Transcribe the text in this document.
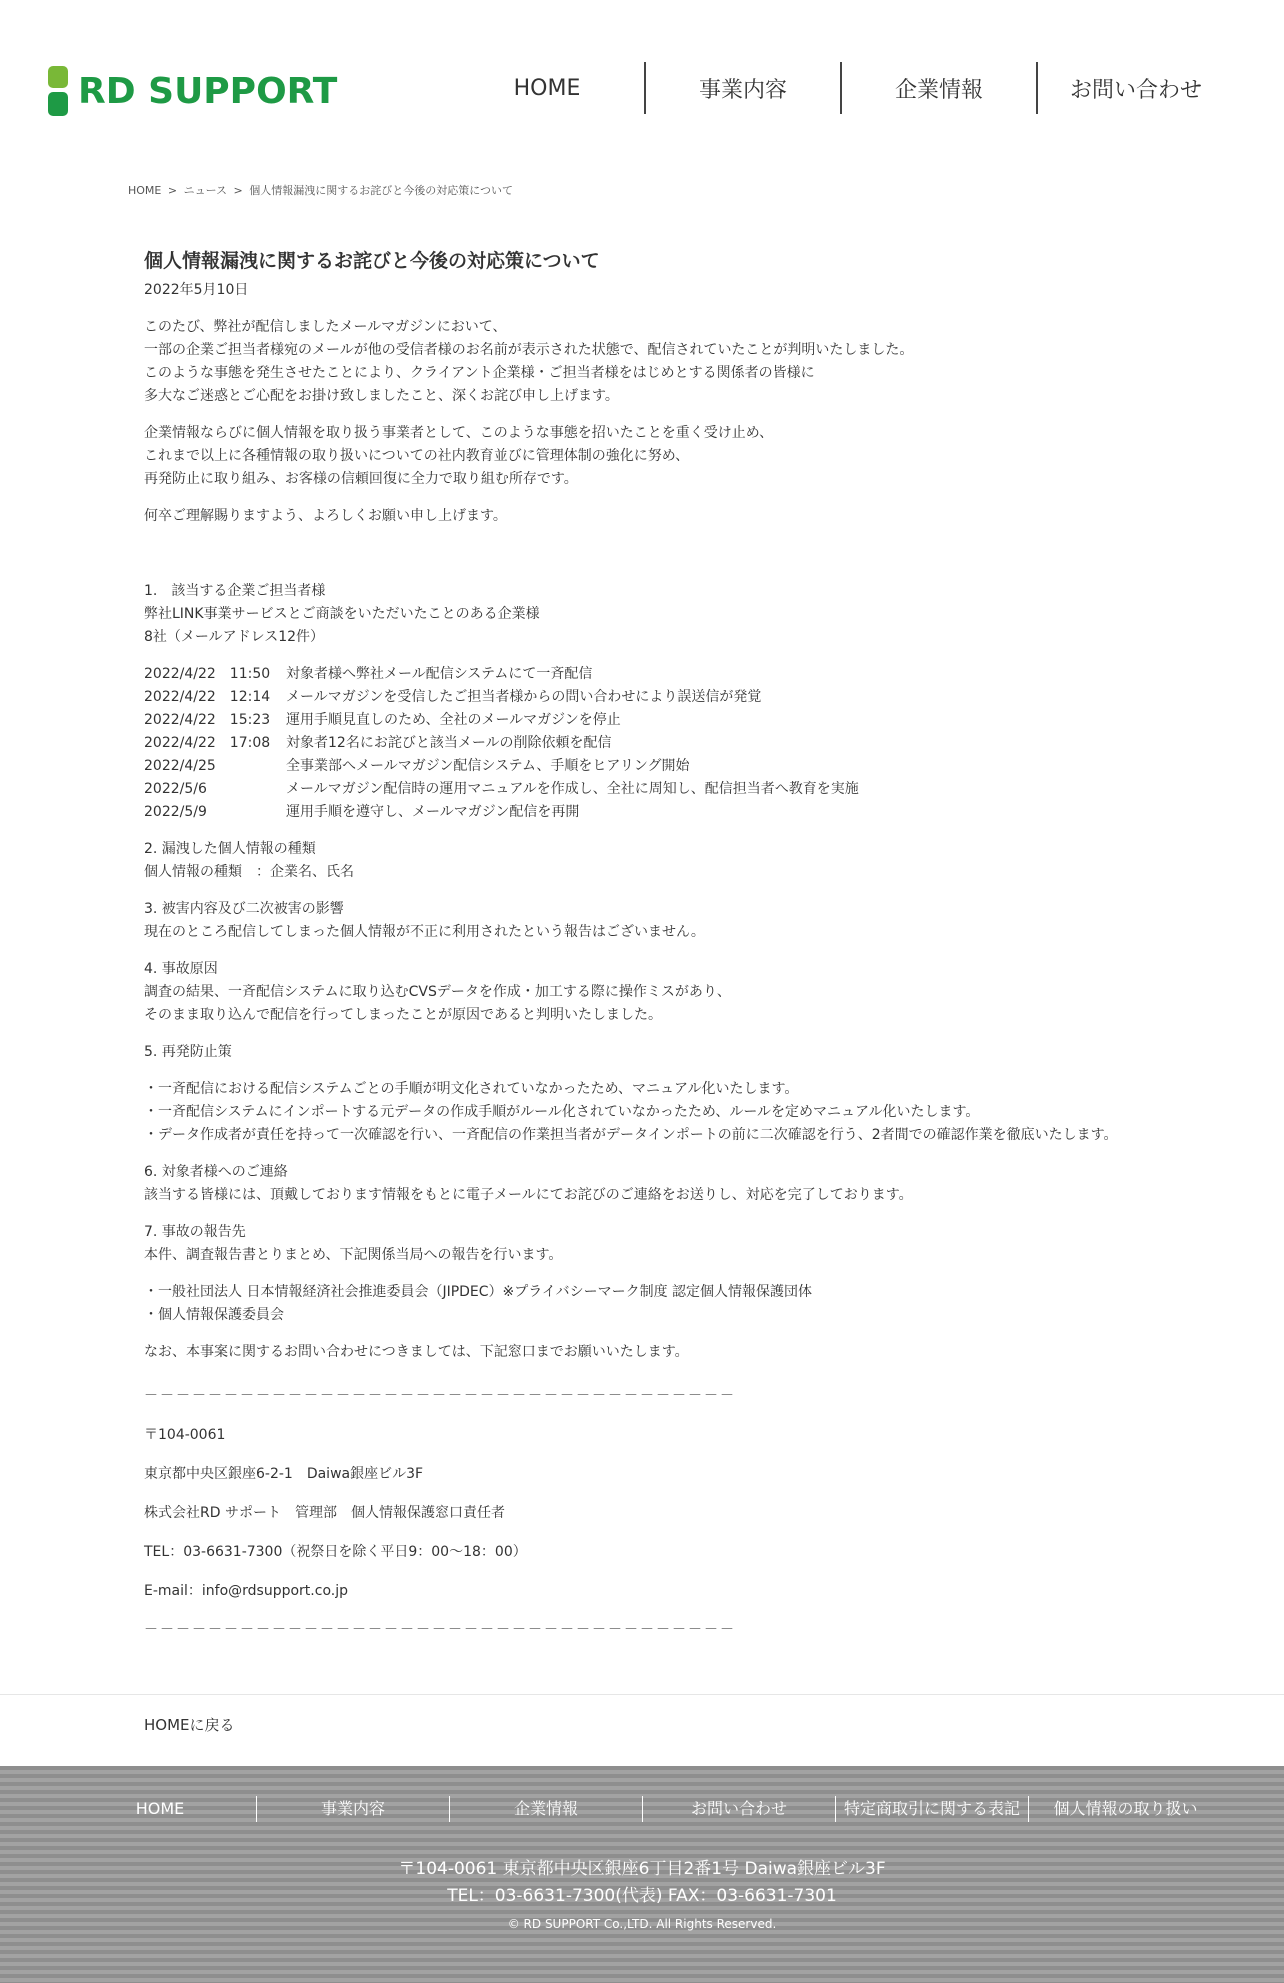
RD SUPPORT	HOME	事業内容	企業情報	お問い合わせ
HOME > ニュース > 個人情報漏洩に関するお詫びと今後の対応策について
個人情報漏洩に関するお詫びと今後の対応策について
2022年5月10日
このたび、弊社が配信しましたメールマガジンにおいて、
一部の企業ご担当者様宛のメールが他の受信者様のお名前が表示された状態で、配信されていたことが判明いたしました。
このような事態を発生させたことにより、クライアント企業様・ご担当者様をはじめとする関係者の皆様に
多大なご迷惑とご心配をお掛け致しましたこと、深くお詫び申し上げます。
企業情報ならびに個人情報を取り扱う事業者として、このような事態を招いたことを重く受け止め、
これまで以上に各種情報の取り扱いについての社内教育並びに管理体制の強化に努め、
再発防止に取り組み、お客様の信頼回復に全力で取り組む所存です。
何卒ご理解賜りますよう、よろしくお願い申し上げます。
1.　該当する企業ご担当者様
弊社LINK事業サービスとご商談をいただいたことのある企業様
8社（メールアドレス12件）
2022/4/22　11:50 対象者様へ弊社メール配信システムにて一斉配信
2022/4/22　12:14 メールマガジンを受信したご担当者様からの問い合わせにより誤送信が発覚
2022/4/22　15:23 運用手順見直しのため、全社のメールマガジンを停止
2022/4/22　17:08 対象者12名にお詫びと該当メールの削除依頼を配信
2022/4/25	全事業部へメールマガジン配信システム、手順をヒアリング開始
2022/5/6	メールマガジン配信時の運用マニュアルを作成し、全社に周知し、配信担当者へ教育を実施
2022/5/9	運用手順を遵守し、メールマガジン配信を再開
2. 漏洩した個人情報の種類
個人情報の種類　：企業名、氏名
3. 被害内容及び二次被害の影響
現在のところ配信してしまった個人情報が不正に利用されたという報告はございません。
4. 事故原因
調査の結果、一斉配信システムに取り込むCVSデータを作成・加工する際に操作ミスがあり、
そのまま取り込んで配信を行ってしまったことが原因であると判明いたしました。
5. 再発防止策
・一斉配信における配信システムごとの手順が明文化されていなかったため、マニュアル化いたします。
・一斉配信システムにインポートする元データの作成手順がルール化されていなかったため、ルールを定めマニュアル化いたします。
・データ作成者が責任を持って一次確認を行い、一斉配信の作業担当者がデータインポートの前に二次確認を行う、2者間での確認作業を徹底いたします。
6. 対象者様へのご連絡
該当する皆様には、頂戴しております情報をもとに電子メールにてお詫びのご連絡をお送りし、対応を完了しております。
7. 事故の報告先
本件、調査報告書とりまとめ、下記関係当局への報告を行います。
・一般社団法人 日本情報経済社会推進委員会（JIPDEC）※プライバシーマーク制度 認定個人情報保護団体
・個人情報保護委員会
なお、本事案に関するお問い合わせにつきましては、下記窓口までお願いいたします。
－－－－－－－－－－－－－－－－－－－－－－－－－－－－－－－－－－－－－
〒104-0061
東京都中央区銀座6-2-1　Daiwa銀座ビル3F
株式会社RD サポート　管理部　個人情報保護窓口責任者
TEL：03-6631-7300（祝祭日を除く平日9：00～18：00）
E-mail：info@rdsupport.co.jp
－－－－－－－－－－－－－－－－－－－－－－－－－－－－－－－－－－－－－
HOMEに戻る
HOME	事業内容	企業情報	お問い合わせ	特定商取引に関する表記	個人情報の取り扱い
〒104-0061 東京都中央区銀座6丁目2番1号 Daiwa銀座ビル3F
TEL：03-6631-7300(代表) FAX：03-6631-7301
© RD SUPPORT Co.,LTD. All Rights Reserved.
